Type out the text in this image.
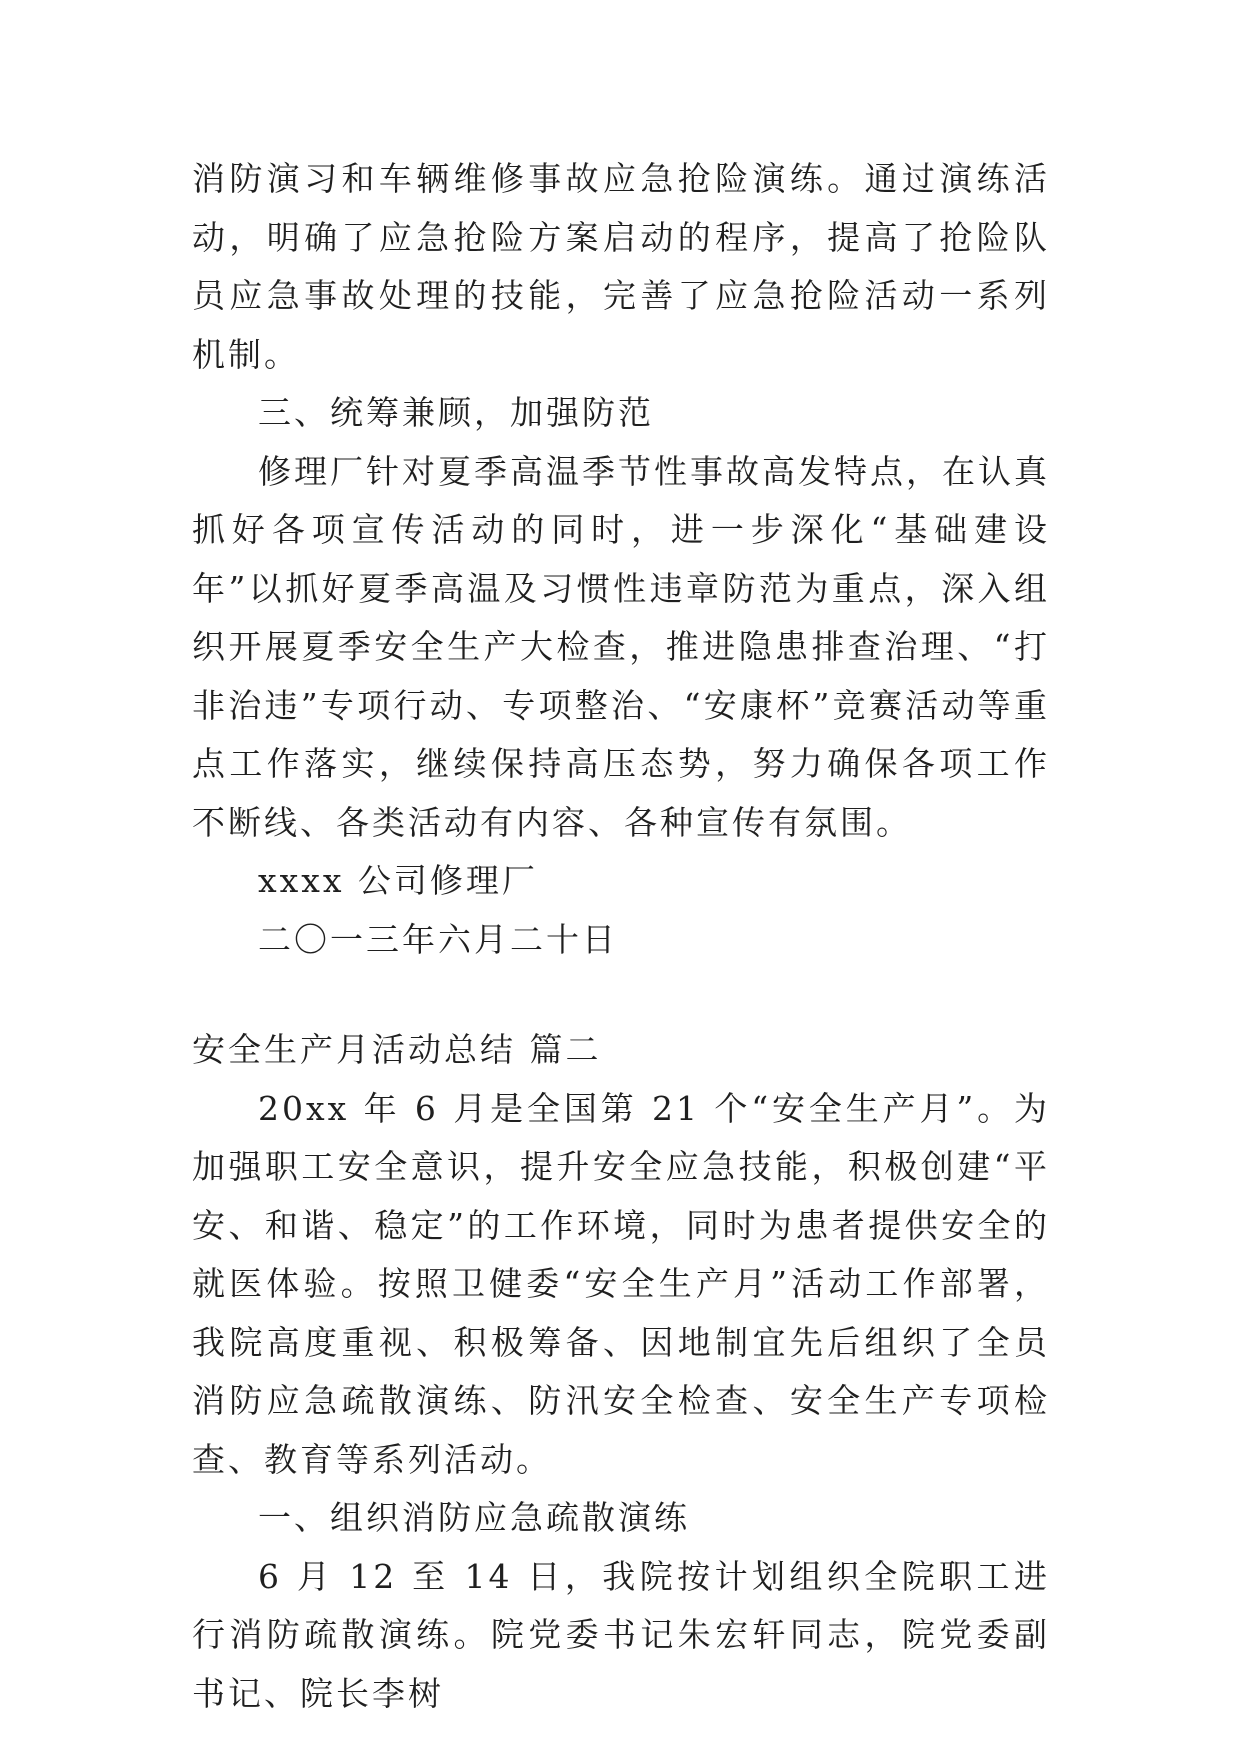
消防演习和车辆维修事故应急抢险演练。通过演练活动，明确了应急抢险方案启动的程序，提高了抢险队员应急事故处理的技能，完善了应急抢险活动一系列机制。

三、统筹兼顾，加强防范

修理厂针对夏季高温季节性事故高发特点，在认真抓好各项宣传活动的同时，进一步深化“基础建设年”以抓好夏季高温及习惯性违章防范为重点，深入组织开展夏季安全生产大检查，推进隐患排查治理、“打非治违”专项行动、专项整治、“安康杯”竞赛活动等重点工作落实，继续保持高压态势，努力确保各项工作不断线、各类活动有内容、各种宣传有氛围。

xxxx 公司修理厂

二〇一三年六月二十日

安全生产月活动总结 篇二

20xx 年 6 月是全国第 21 个“安全生产月”。为加强职工安全意识，提升安全应急技能，积极创建“平安、和谐、稳定”的工作环境，同时为患者提供安全的就医体验。按照卫健委“安全生产月”活动工作部署，我院高度重视、积极筹备、因地制宜先后组织了全员消防应急疏散演练、防汛安全检查、安全生产专项检查、教育等系列活动。

一、组织消防应急疏散演练

6 月 12 至 14 日，我院按计划组织全院职工进行消防疏散演练。院党委书记朱宏轩同志，院党委副书记、院长李树
